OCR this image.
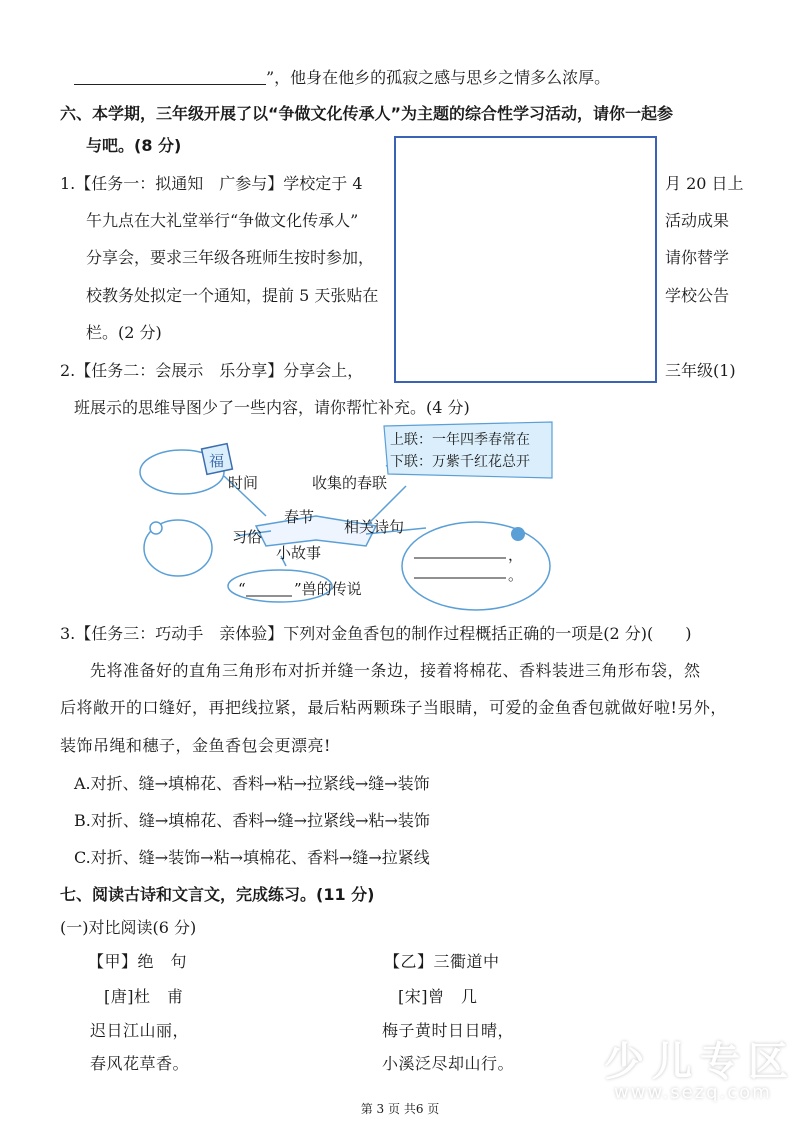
”，他身在他乡的孤寂之感与思乡之情多么浓厚。
六、本学期，三年级开展了以“争做文化传承人”为主题的综合性学习活动，请你一起参
与吧。(8 分)
1.【任务一：拟通知　广参与】学校定于 4
午九点在大礼堂举行“争做文化传承人”
分享会，要求三年级各班师生按时参加，
校教务处拟定一个通知，提前 5 天张贴在
栏。(2 分)
月 20 日上
活动成果
请你替学
学校公告
2.【任务二：会展示　乐分享】分享会上，	三年级(1)
班展示的思维导图少了一些内容，请你帮忙补充。(4 分)
福
时间	收集的春联
春节
相关诗句
习俗
小故事
“	”兽的传说
上联：一年四季春常在
下联：万紫千红花总开
，
。
3.【任务三：巧动手　亲体验】下列对金鱼香包的制作过程概括正确的一项是(2 分)(　　)
先将准备好的直角三角形布对折并缝一条边，接着将棉花、香料装进三角形布袋，然
后将敞开的口缝好，再把线拉紧，最后粘两颗珠子当眼睛，可爱的金鱼香包就做好啦!另外，
装饰吊绳和穗子，金鱼香包会更漂亮!
A.对折、缝→填棉花、香料→粘→拉紧线→缝→装饰
B.对折、缝→填棉花、香料→缝→拉紧线→粘→装饰
C.对折、缝→装饰→粘→填棉花、香料→缝→拉紧线
七、阅读古诗和文言文，完成练习。(11 分)
(一)对比阅读(6 分)
【甲】绝　句
[唐]杜　甫
迟日江山丽，
春风花草香。
【乙】三衢道中
[宋]曾　几
梅子黄时日日晴，
小溪泛尽却山行。
第 3 页 共6 页
少儿专区
www.sezq.com
